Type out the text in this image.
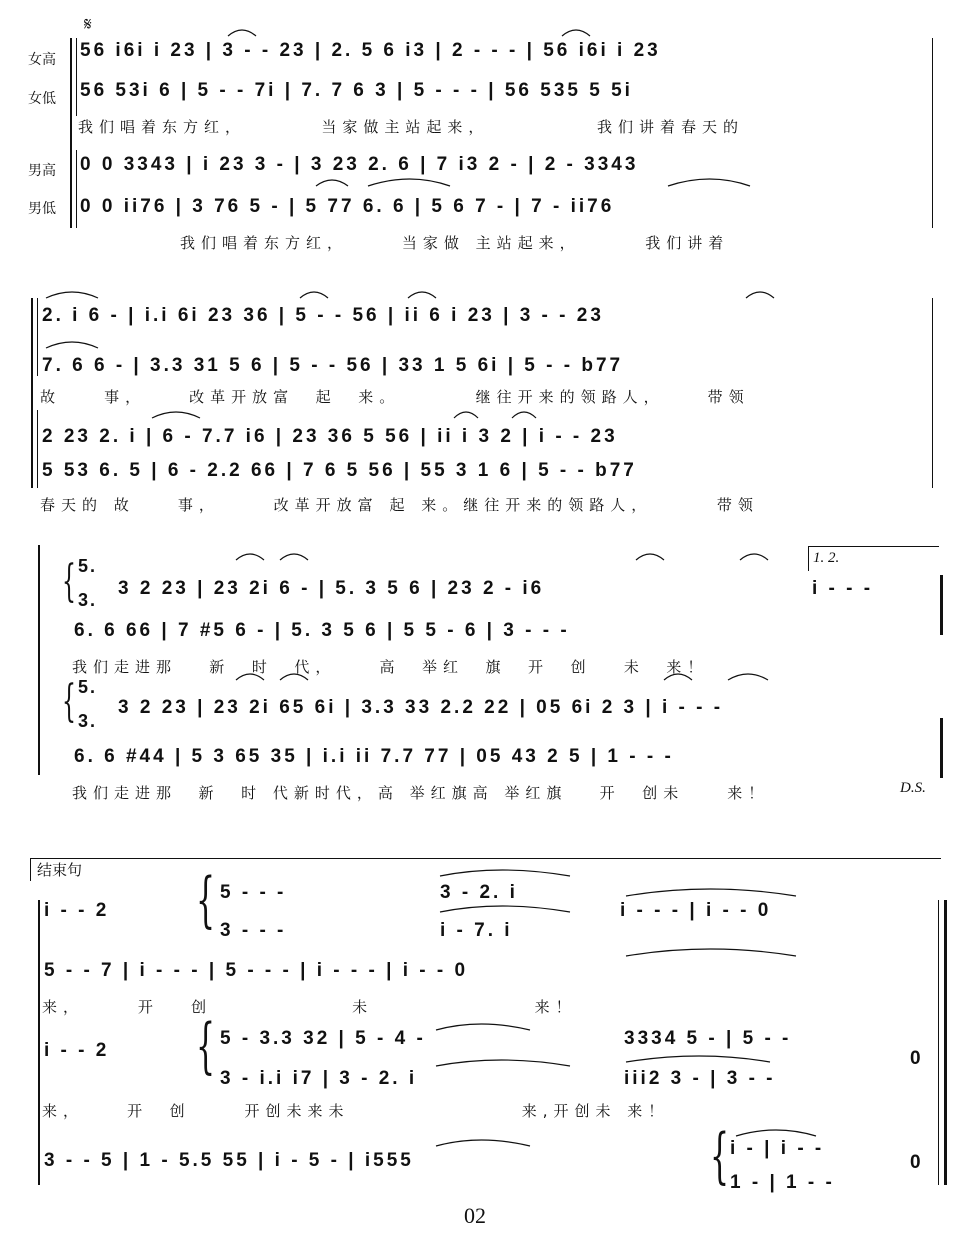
女高
女低
男高
男低
𝄋
56 i6i i 23 | 3 - - 23 | 2. 5 6 i3 | 2 - - - | 56 i6i i 23
56 53i 6 | 5 - - 7i | 7. 7 6 3 | 5 - - - | 56 535 5 5i
我们唱着东方红，       当家做主站起来，          我们讲着春天的
0 0 3343 | i 23 3 - | 3 23 2. 6 | 7 i3 2 - | 2 - 3343
0 0 ii76 | 3 76 5 - | 5 77 6. 6 | 5 6 7 - | 7 - ii76
我们唱着东方红，     当家做 主站起来，      我们讲着
2. i 6 - | i.i 6i 23 36 | 5 - - 56 | ii 6 i 23 | 3 - - 23
7. 6 6 - | 3.3 31 5 6 | 5 - - 56 | 33 1 5 6i | 5 - - b77
故    事，    改革开放富  起  来。       继往开来的领路人，    带领
2 23 2. i | 6 - 7.7 i6 | 23 36 5 56 | ii i 3 2 | i - - 23
5 53 6. 5 | 6 - 2.2 66 | 7 6 5 56 | 55 3 1 6 | 5 - - b77
春天的 故    事，     改革开放富 起 来。继往开来的领路人，      带领
{ 5.
3.
3 2 23 | 23 2i 6 - | 5. 3 5 6 | 23 2 - i6
1. 2.
i - - -
6. 6 66 | 7 #5 6 - | 5. 3 5 6 | 5 5 - 6 | 3 - - -
我们走进那   新  时  代，    高  举红  旗  开  创   未  来！
{ 5.
3.
3 2 23 | 23 2i 65 6i | 3.3 33 2.2 22 | 05 6i 2 3 | i - - -
6. 6 #44 | 5 3 65 35 | i.i ii 7.7 77 | 05 43 2 5 | 1 - - -
我们走进那  新  时 代新时代，高 举红旗高 举红旗   开  创未    来！	D.S.
结束句
i - - 2 { 5 - - -
3 - - -
3 - 2. i
i - 7. i
i - - - | i - - 0
5 - - 7 | i - - - | 5 - - - | i - - - | i - - 0
来，     开   创             未               来！
i - - 2 { 5 - 3.3 32 | 5 - 4 -
3 - i.i i7 | 3 - 2. i
3334 5 - | 5 - -
iii2 3 - | 3 - -
0
来，    开  创     开创未来未                来,开创未 来！
3 - - 5 | 1 - 5.5 55 | i - 5 - | i555	{ i - | i - -
1 - | 1 - -
0
02
